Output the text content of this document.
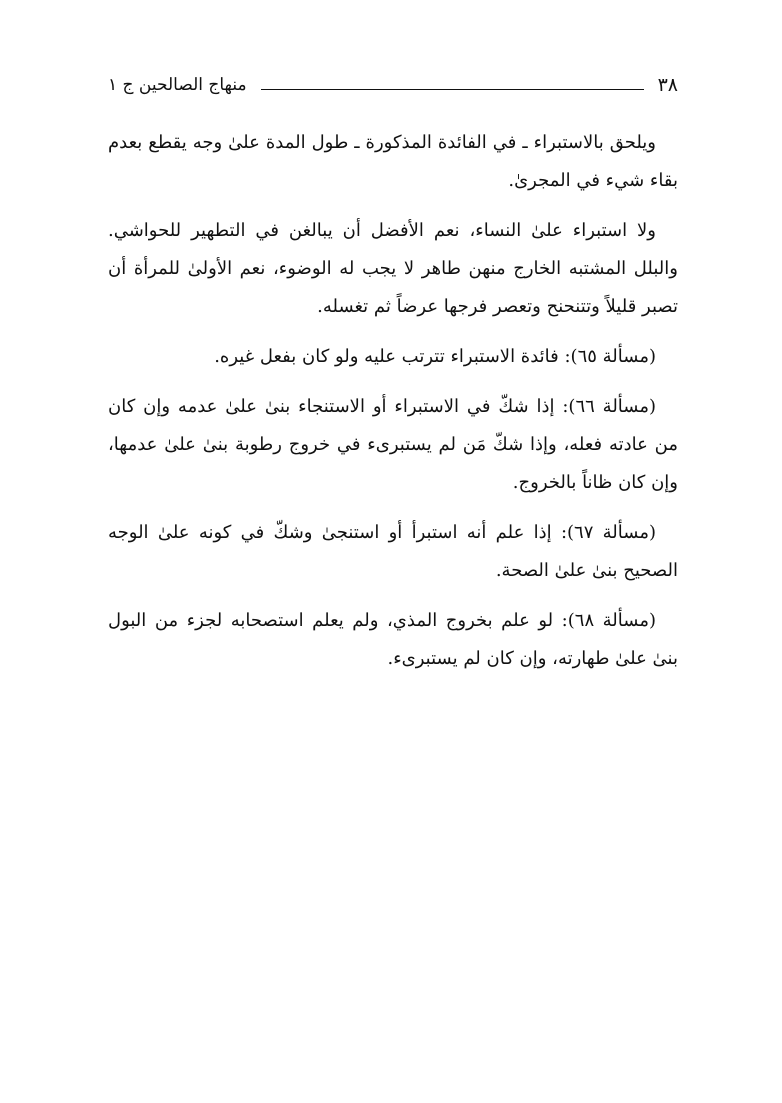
٣٨
منهاج الصالحين ج ١

ويلحق بالاستبراء ـ في الفائدة المذكورة ـ طول المدة علىٰ وجه يقطع بعدم بقاء شيء في المجرىٰ.

ولا استبراء علىٰ النساء، نعم الأفضل أن يبالغن في التطهير للحواشي. والبلل المشتبه الخارج منهن طاهر لا يجب له الوضوء، نعم الأولىٰ للمرأة أن تصبر قليلاً وتتنحنح وتعصر فرجها عرضاً ثم تغسله.

(مسألة ٦٥): فائدة الاستبراء تترتب عليه ولو كان بفعل غيره.

(مسألة ٦٦): إذا شكّ في الاستبراء أو الاستنجاء بنىٰ علىٰ عدمه وإن كان من عادته فعله، وإذا شكّ مَن لم يستبرىء في خروج رطوبة بنىٰ علىٰ عدمها، وإن كان ظاناً بالخروج.

(مسألة ٦٧): إذا علم أنه استبرأ أو استنجىٰ وشكّ في كونه علىٰ الوجه الصحيح بنىٰ علىٰ الصحة.

(مسألة ٦٨): لو علم بخروج المذي، ولم يعلم استصحابه لجزء من البول بنىٰ علىٰ طهارته، وإن كان لم يستبرىء.
